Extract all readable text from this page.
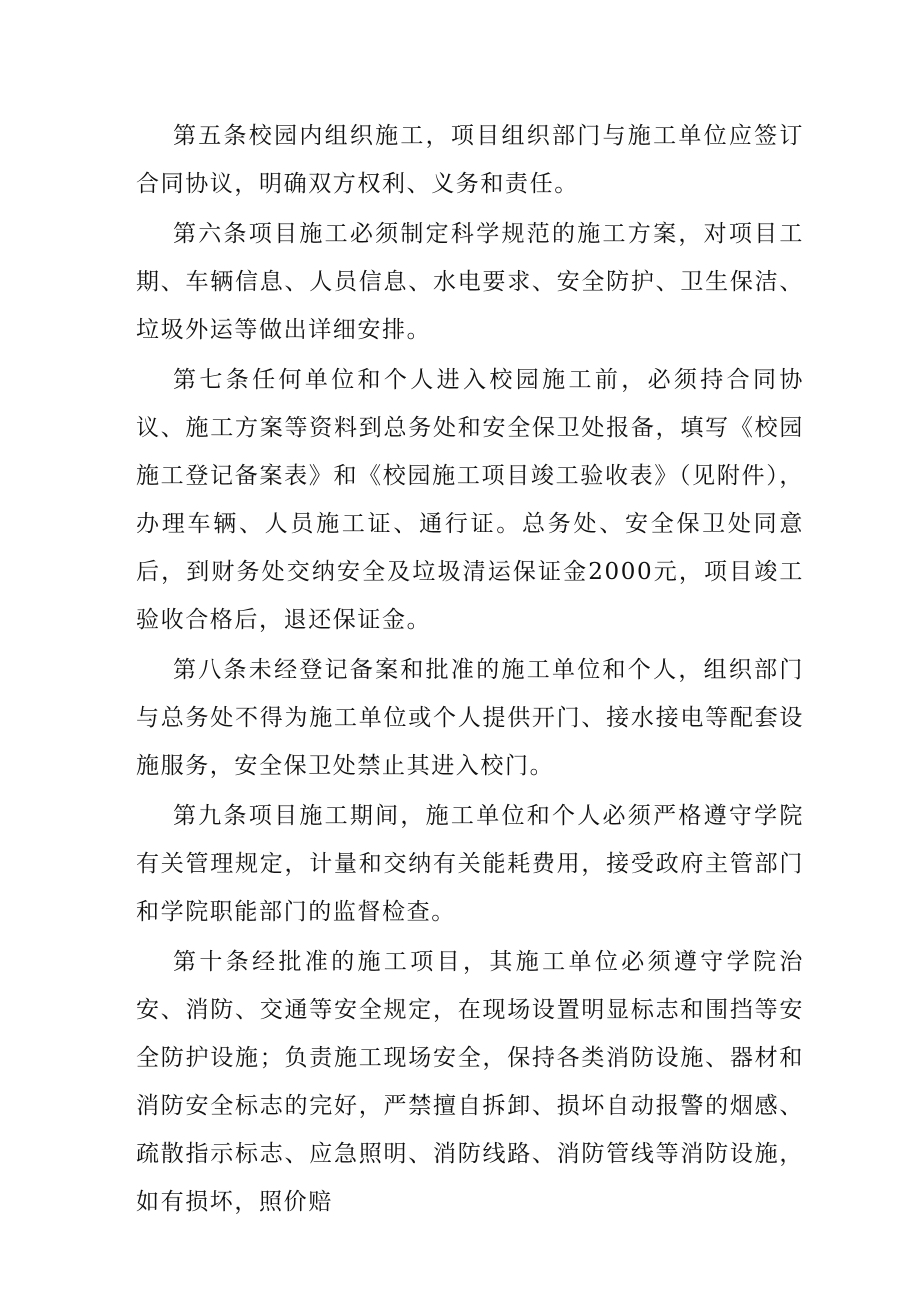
第五条校园内组织施工，项目组织部门与施工单位应签订合同协议，明确双方权利、义务和责任。

第六条项目施工必须制定科学规范的施工方案，对项目工期、车辆信息、人员信息、水电要求、安全防护、卫生保洁、垃圾外运等做出详细安排。

第七条任何单位和个人进入校园施工前，必须持合同协议、施工方案等资料到总务处和安全保卫处报备，填写《校园施工登记备案表》和《校园施工项目竣工验收表》（见附件），办理车辆、人员施工证、通行证。总务处、安全保卫处同意后，到财务处交纳安全及垃圾清运保证金2000元，项目竣工验收合格后，退还保证金。

第八条未经登记备案和批准的施工单位和个人，组织部门与总务处不得为施工单位或个人提供开门、接水接电等配套设施服务，安全保卫处禁止其进入校门。

第九条项目施工期间，施工单位和个人必须严格遵守学院有关管理规定，计量和交纳有关能耗费用，接受政府主管部门和学院职能部门的监督检查。

第十条经批准的施工项目，其施工单位必须遵守学院治安、消防、交通等安全规定，在现场设置明显标志和围挡等安全防护设施；负责施工现场安全，保持各类消防设施、器材和消防安全标志的完好，严禁擅自拆卸、损坏自动报警的烟感、疏散指示标志、应急照明、消防线路、消防管线等消防设施，如有损坏，照价赔
